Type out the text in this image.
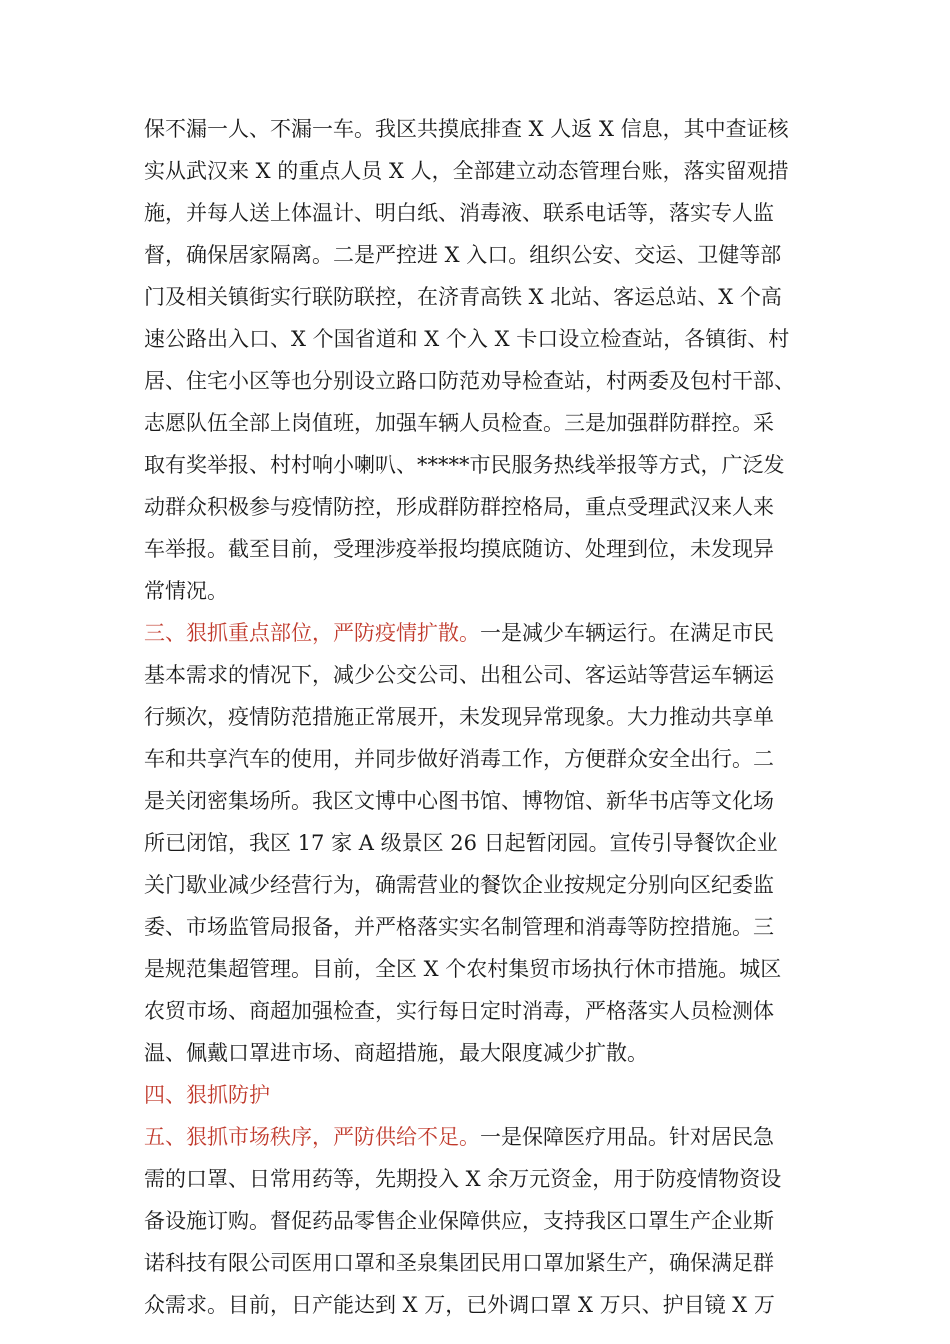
保不漏一人、不漏一车。我区共摸底排查 X 人返 X 信息，其中查证核
实从武汉来 X 的重点人员 X 人，全部建立动态管理台账，落实留观措
施，并每人送上体温计、明白纸、消毒液、联系电话等，落实专人监
督，确保居家隔离。二是严控进 X 入口。组织公安、交运、卫健等部
门及相关镇街实行联防联控，在济青高铁 X 北站、客运总站、X 个高
速公路出入口、X 个国省道和 X 个入 X 卡口设立检查站，各镇街、村
居、住宅小区等也分别设立路口防范劝导检查站，村两委及包村干部、
志愿队伍全部上岗值班，加强车辆人员检查。三是加强群防群控。采
取有奖举报、村村响小喇叭、*****市民服务热线举报等方式，广泛发
动群众积极参与疫情防控，形成群防群控格局，重点受理武汉来人来
车举报。截至目前，受理涉疫举报均摸底随访、处理到位，未发现异
常情况。
三、狠抓重点部位，严防疫情扩散。一是减少车辆运行。在满足市民
基本需求的情况下，减少公交公司、出租公司、客运站等营运车辆运
行频次，疫情防范措施正常展开，未发现异常现象。大力推动共享单
车和共享汽车的使用，并同步做好消毒工作，方便群众安全出行。二
是关闭密集场所。我区文博中心图书馆、博物馆、新华书店等文化场
所已闭馆，我区 17 家 A 级景区 26 日起暂闭园。宣传引导餐饮企业
关门歇业减少经营行为，确需营业的餐饮企业按规定分别向区纪委监
委、市场监管局报备，并严格落实实名制管理和消毒等防控措施。三
是规范集超管理。目前，全区 X 个农村集贸市场执行休市措施。城区
农贸市场、商超加强检查，实行每日定时消毒，严格落实人员检测体
温、佩戴口罩进市场、商超措施，最大限度减少扩散。
四、狠抓防护
五、狠抓市场秩序，严防供给不足。一是保障医疗用品。针对居民急
需的口罩、日常用药等，先期投入 X 余万元资金，用于防疫情物资设
备设施订购。督促药品零售企业保障供应，支持我区口罩生产企业斯
诺科技有限公司医用口罩和圣泉集团民用口罩加紧生产，确保满足群
众需求。目前，日产能达到 X 万，已外调口罩 X 万只、护目镜 X 万
